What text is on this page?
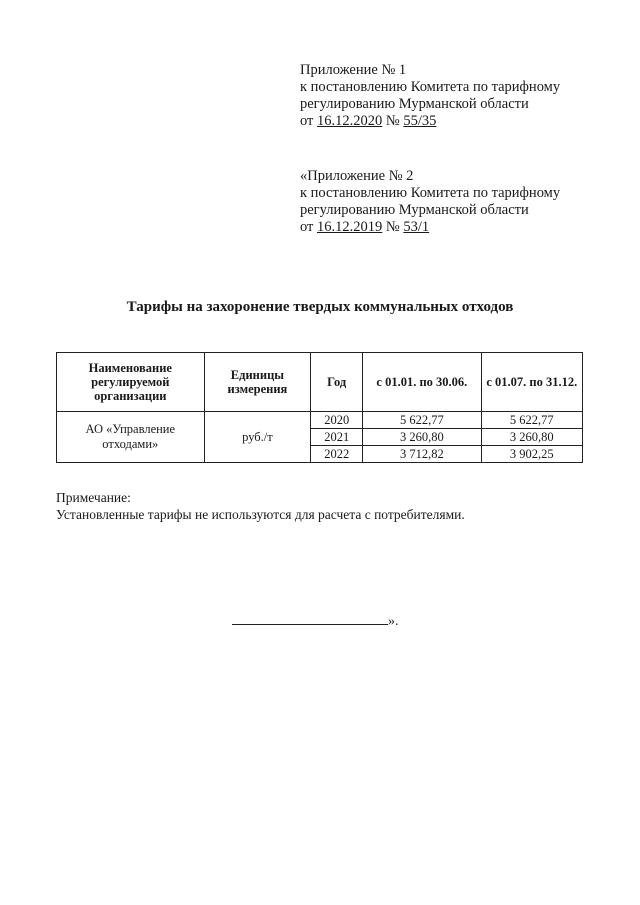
Приложение № 1
к постановлению Комитета по тарифному
регулированию Мурманской области
от 16.12.2020 № 55/35
«Приложение № 2
к постановлению Комитета по тарифному
регулированию Мурманской области
от 16.12.2019 № 53/1
Тарифы на захоронение твердых коммунальных отходов
Наименование регулируемой организации	Единицы измерения	Год	с 01.01. по 30.06.	с 01.07. по 31.12.
АО «Управление отходами»	руб./т	2020	5 622,77	5 622,77
		2021	3 260,80	3 260,80
		2022	3 712,82	3 902,25
Примечание:
Установленные тарифы не используются для расчета с потребителями.
».
